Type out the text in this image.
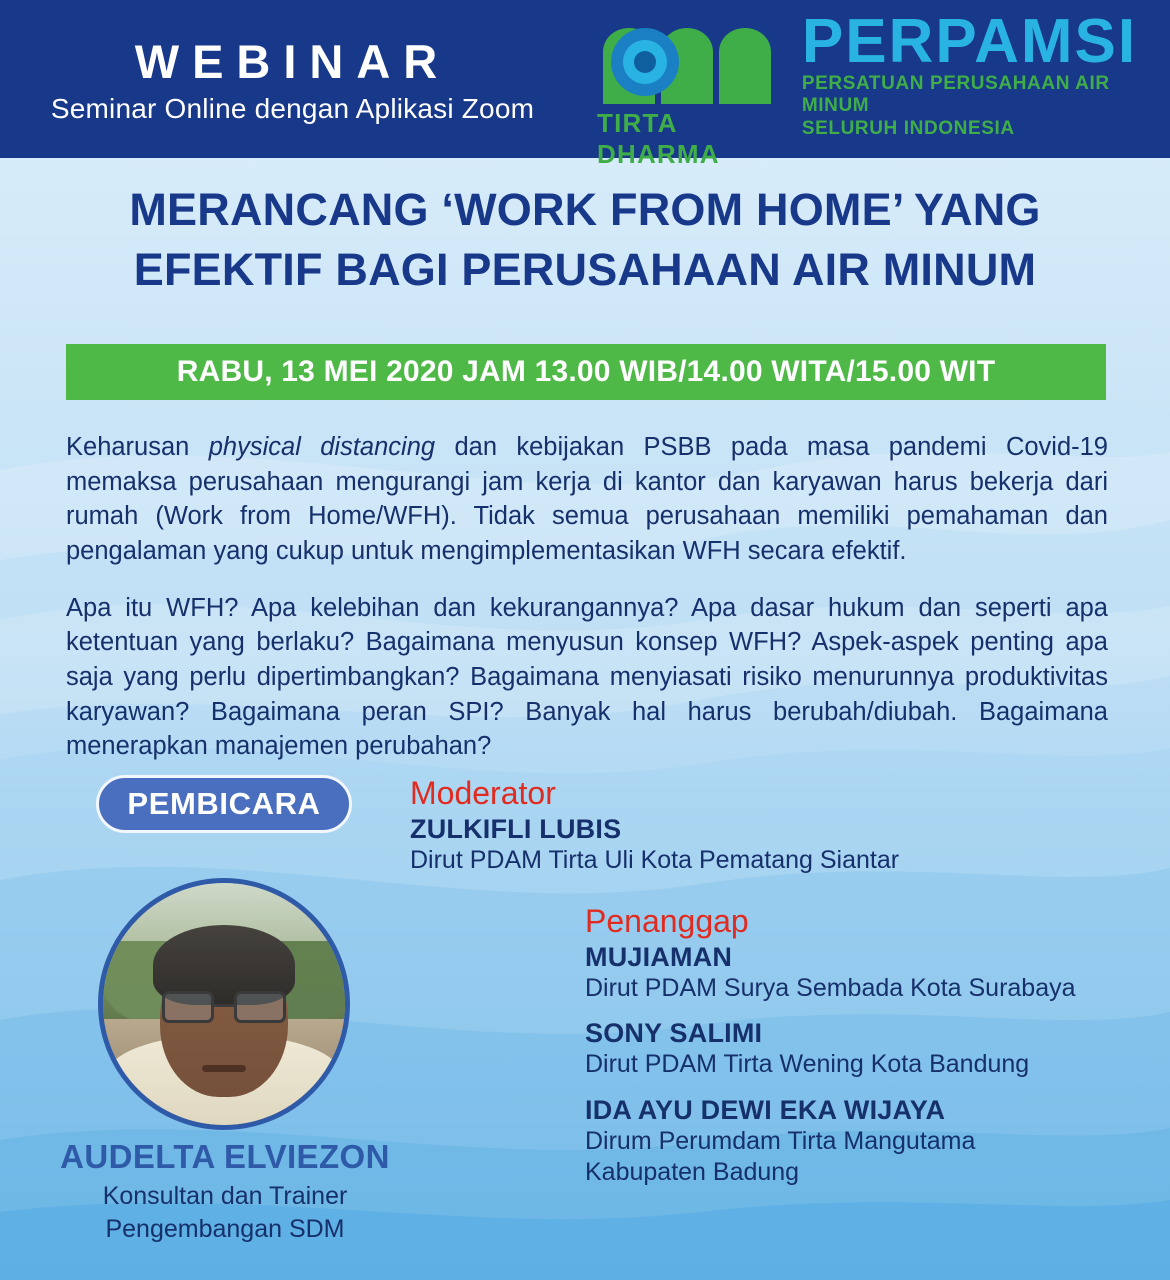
WEBINAR
Seminar Online dengan Aplikasi Zoom	TIRTA DHARMA
PERPAMSI
PERSATUAN PERUSAHAAN AIR MINUM
SELURUH INDONESIA
MERANCANG ‘WORK FROM HOME’ YANG
EFEKTIF BAGI PERUSAHAAN AIR MINUM
RABU, 13 MEI 2020 JAM 13.00 WIB/14.00 WITA/15.00 WIT

Keharusan physical distancing dan kebijakan PSBB pada masa pandemi Covid-19 memaksa perusahaan mengurangi jam kerja di kantor dan karyawan harus bekerja dari rumah (Work from Home/WFH). Tidak semua perusahaan memiliki pemahaman dan pengalaman yang cukup untuk mengimplementasikan WFH secara efektif.

Apa itu WFH? Apa kelebihan dan kekurangannya? Apa dasar hukum dan seperti apa ketentuan yang berlaku? Bagaimana menyusun konsep WFH? Aspek-aspek penting apa saja yang perlu dipertimbangkan? Bagaimana menyiasati risiko menurunnya produktivitas karyawan? Bagaimana peran SPI? Banyak hal harus berubah/diubah. Bagaimana menerapkan manajemen perubahan?

PEMBICARA
AUDELTA ELVIEZON
Konsultan dan Trainer
Pengembangan SDM
Moderator
ZULKIFLI LUBIS
Dirut PDAM Tirta Uli Kota Pematang Siantar
Penanggap
MUJIAMAN
Dirut PDAM Surya Sembada Kota Surabaya
SONY SALIMI
Dirut PDAM Tirta Wening Kota Bandung
IDA AYU DEWI EKA WIJAYA
Dirum Perumdam Tirta Mangutama
Kabupaten Badung
